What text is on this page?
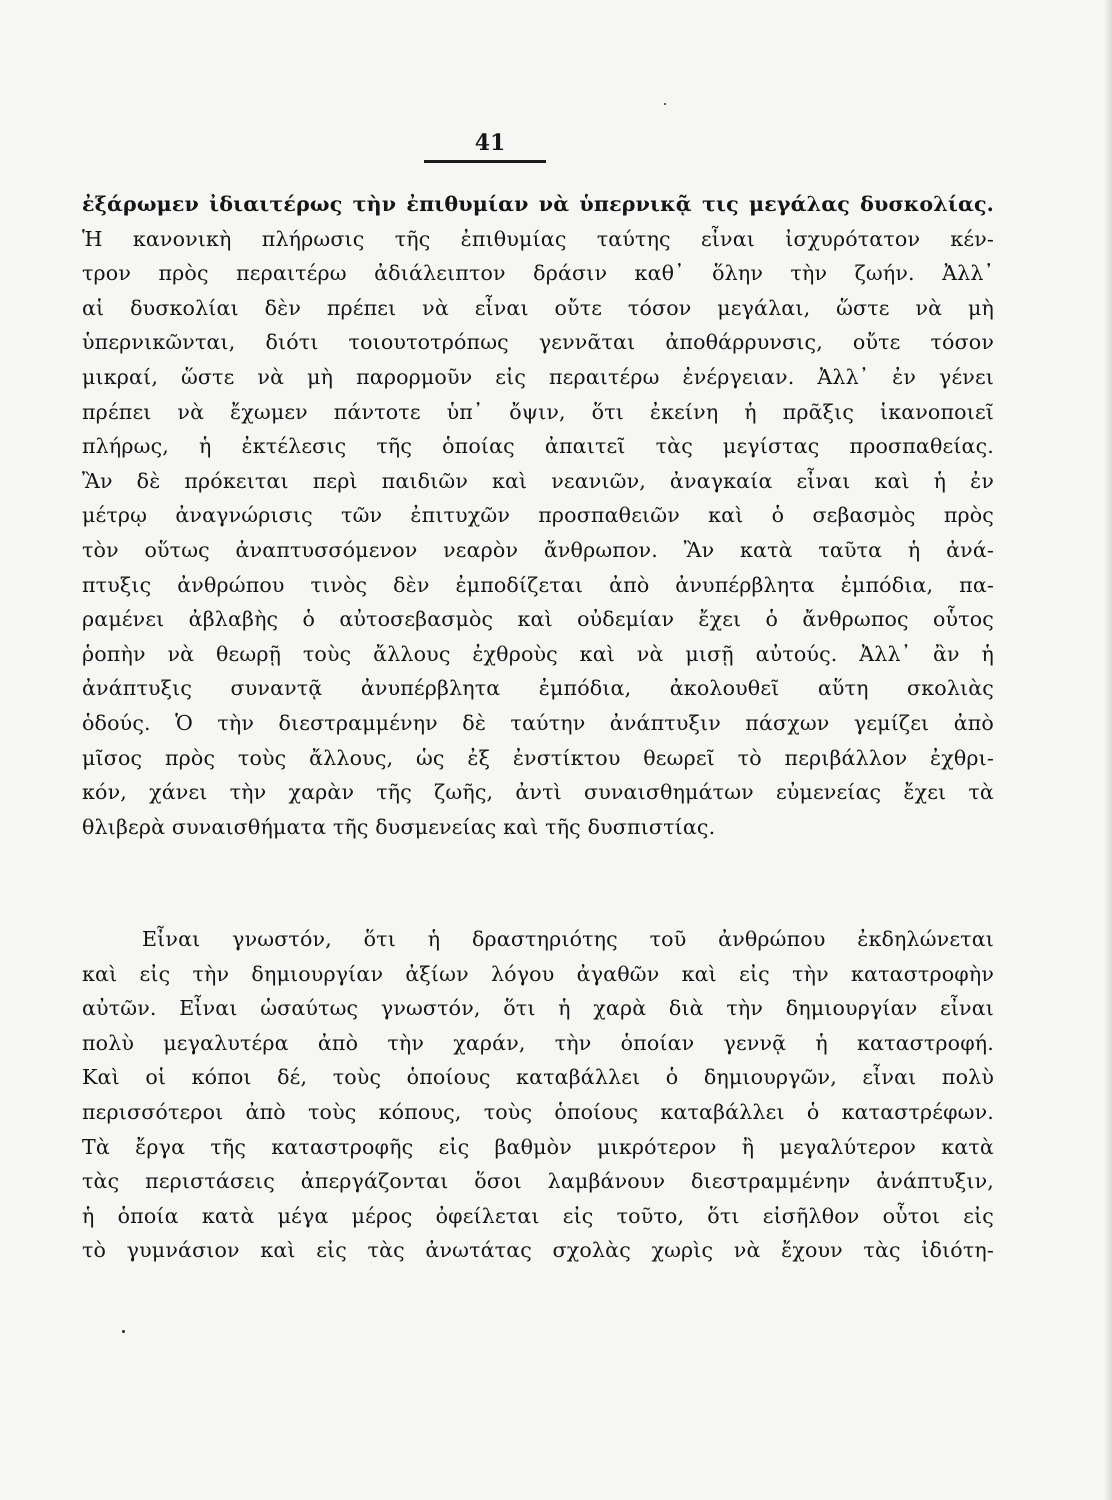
41
ἐξάρωμεν ἰδιαιτέρως τὴν ἐπιθυμίαν νὰ ὑπερνικᾷ τις μεγάλας δυσκολίας.
Ἡ κανονικὴ πλήρωσις τῆς ἐπιθυμίας ταύτης εἶναι ἰσχυρότατον κέν-
τρον πρὸς περαιτέρω ἀδιάλειπτον δράσιν καθ᾽ ὅλην τὴν ζωήν. Ἀλλ᾽
αἱ δυσκολίαι δὲν πρέπει νὰ εἶναι οὔτε τόσον μεγάλαι, ὥστε νὰ μὴ
ὑπερνικῶνται, διότι τοιουτοτρόπως γεννᾶται ἀποθάρρυνσις, οὔτε τόσον
μικραί, ὥστε νὰ μὴ παρορμοῦν εἰς περαιτέρω ἐνέργειαν. Ἀλλ᾽ ἐν γένει
πρέπει νὰ ἔχωμεν πάντοτε ὑπ᾽ ὄψιν, ὅτι ἐκείνη ἡ πρᾶξις ἱκανοποιεῖ
πλήρως, ἡ ἐκτέλεσις τῆς ὁποίας ἀπαιτεῖ τὰς μεγίστας προσπαθείας.
Ἂν δὲ πρόκειται περὶ παιδιῶν καὶ νεανιῶν, ἀναγκαία εἶναι καὶ ἡ ἐν
μέτρῳ ἀναγνώρισις τῶν ἐπιτυχῶν προσπαθειῶν καὶ ὁ σεβασμὸς πρὸς
τὸν οὕτως ἀναπτυσσόμενον νεαρὸν ἄνθρωπον. Ἂν κατὰ ταῦτα ἡ ἀνά-
πτυξις ἀνθρώπου τινὸς δὲν ἐμποδίζεται ἀπὸ ἀνυπέρβλητα ἐμπόδια, πα-
ραμένει ἀβλαβὴς ὁ αὐτοσεβασμὸς καὶ οὐδεμίαν ἔχει ὁ ἄνθρωπος οὗτος
ῥοπὴν νὰ θεωρῇ τοὺς ἄλλους ἐχθροὺς καὶ νὰ μισῇ αὐτούς. Ἀλλ᾽ ἂν ἡ
ἀνάπτυξις συναντᾷ ἀνυπέρβλητα ἐμπόδια, ἀκολουθεῖ αὕτη σκολιὰς
ὁδούς. Ὁ τὴν διεστραμμένην δὲ ταύτην ἀνάπτυξιν πάσχων γεμίζει ἀπὸ
μῖσος πρὸς τοὺς ἄλλους, ὡς ἐξ ἐνστίκτου θεωρεῖ τὸ περιβάλλον ἐχθρι-
κόν, χάνει τὴν χαρὰν τῆς ζωῆς, ἀντὶ συναισθημάτων εὐμενείας ἔχει τὰ
θλιβερὰ συναισθήματα τῆς δυσμενείας καὶ τῆς δυσπιστίας.
Εἶναι γνωστόν, ὅτι ἡ δραστηριότης τοῦ ἀνθρώπου ἐκδηλώνεται
καὶ εἰς τὴν δημιουργίαν ἀξίων λόγου ἀγαθῶν καὶ εἰς τὴν καταστροφὴν
αὐτῶν. Εἶναι ὡσαύτως γνωστόν, ὅτι ἡ χαρὰ διὰ τὴν δημιουργίαν εἶναι
πολὺ μεγαλυτέρα ἀπὸ τὴν χαράν, τὴν ὁποίαν γεννᾷ ἡ καταστροφή.
Καὶ οἱ κόποι δέ, τοὺς ὁποίους καταβάλλει ὁ δημιουργῶν, εἶναι πολὺ
περισσότεροι ἀπὸ τοὺς κόπους, τοὺς ὁποίους καταβάλλει ὁ καταστρέφων.
Τὰ ἔργα τῆς καταστροφῆς εἰς βαθμὸν μικρότερον ἢ μεγαλύτερον κατὰ
τὰς περιστάσεις ἀπεργάζονται ὅσοι λαμβάνουν διεστραμμένην ἀνάπτυξιν,
ἡ ὁποία κατὰ μέγα μέρος ὀφείλεται εἰς τοῦτο, ὅτι εἰσῆλθον οὗτοι εἰς
τὸ γυμνάσιον καὶ εἰς τὰς ἀνωτάτας σχολὰς χωρὶς νὰ ἔχουν τὰς ἰδιότη-
